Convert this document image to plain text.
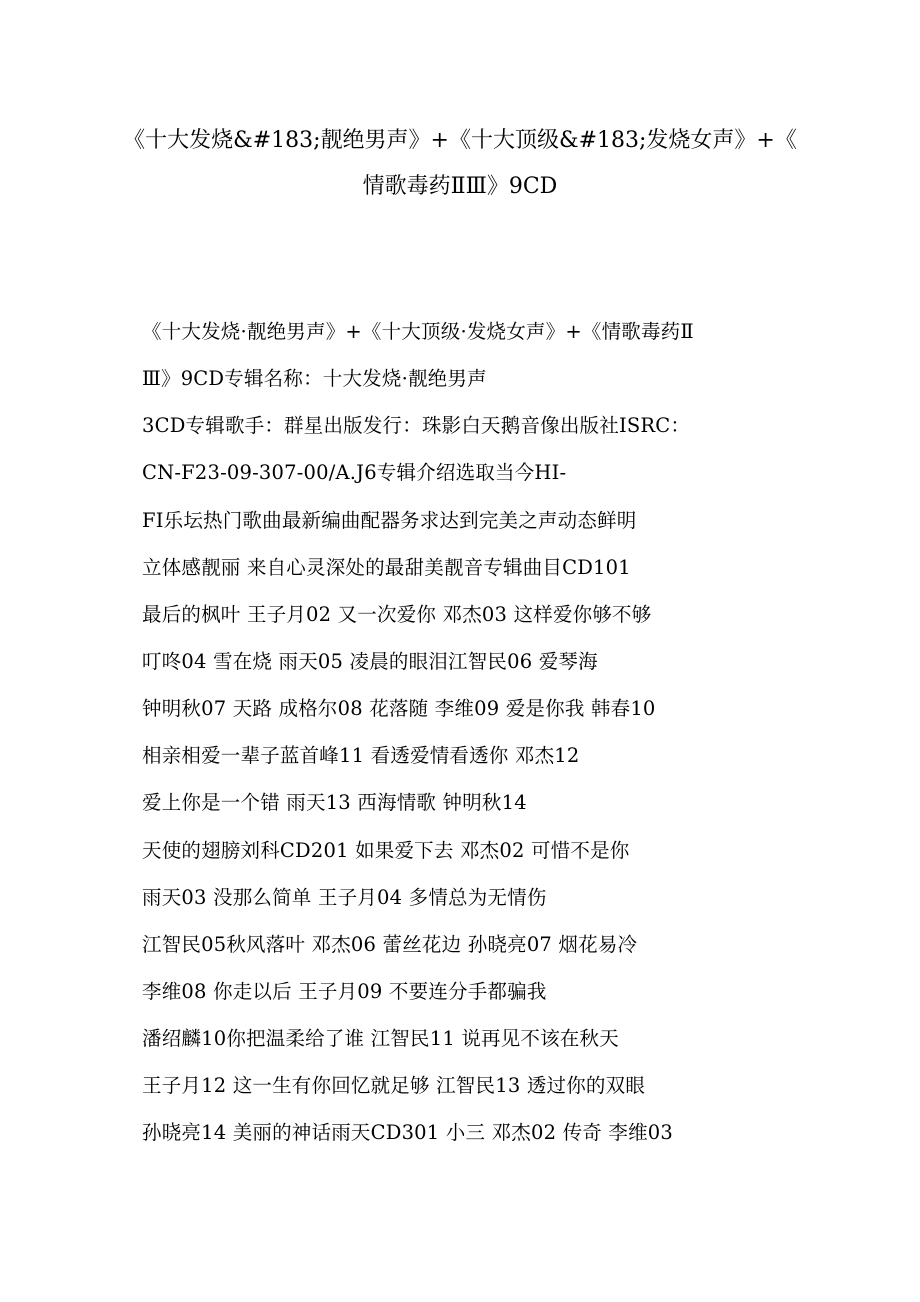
《十大发烧&#183;靓绝男声》+《十大顶级&#183;发烧女声》+《
情歌毒药ⅡⅢ》9CD
《十大发烧·靓绝男声》+《十大顶级·发烧女声》+《情歌毒药Ⅱ
Ⅲ》9CD专辑名称：十大发烧·靓绝男声
3CD专辑歌手：群星出版发行：珠影白天鹅音像出版社ISRC：
CN-F23-09-307-00/A.J6专辑介绍选取当今HI-
FI乐坛热门歌曲最新编曲配器务求达到完美之声动态鲜明
立体感靓丽 来自心灵深处的最甜美靓音专辑曲目CD101
最后的枫叶 王子月02 又一次爱你 邓杰03 这样爱你够不够
叮咚04 雪在烧 雨天05 凌晨的眼泪江智民06 爱琴海
钟明秋07 天路 成格尔08 花落随 李维09 爱是你我 韩春10
相亲相爱一辈子蓝首峰11 看透爱情看透你 邓杰12
爱上你是一个错 雨天13 西海情歌 钟明秋14
天使的翅膀刘科CD201 如果爱下去 邓杰02 可惜不是你
雨天03 没那么简单 王子月04 多情总为无情伤
江智民05秋风落叶 邓杰06 蕾丝花边 孙晓亮07 烟花易冷
李维08 你走以后 王子月09 不要连分手都骗我
潘绍麟10你把温柔给了谁 江智民11 说再见不该在秋天
王子月12 这一生有你回忆就足够 江智民13 透过你的双眼
孙晓亮14 美丽的神话雨天CD301 小三 邓杰02 传奇 李维03
